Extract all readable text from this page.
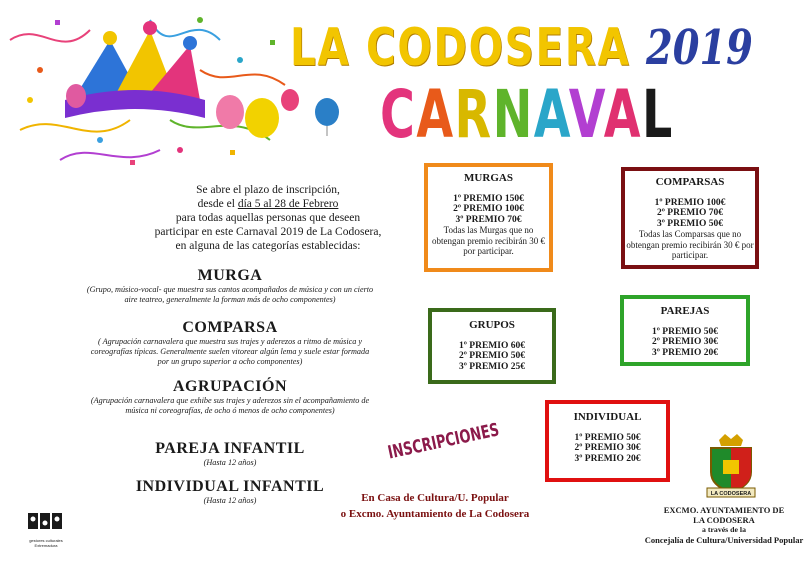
LA CODOSERA
CARNAVAL
2019
Se abre el plazo de inscripción,
desde el día 5 al 28 de Febrero
para todas aquellas personas que deseen
participar en este Carnaval 2019 de La Codosera,
en alguna de las categorías establecidas:
MURGA
(Grupo, músico-vocal- que muestra sus cantos acompañados de música y con un cierto aire teatreo, generalmente la forman más de ocho componentes)
COMPARSA
( Agrupación carnavalera que muestra sus trajes y aderezos a ritmo de música y coreografías típicas. Generalmente suelen vitorear algún lema y suele estar formada por un grupo superior a ocho componentes)
AGRUPACIÓN
(Agrupación carnavalera que exhibe sus trajes y aderezos sin el acompañamiento de música ni coreografías, de ocho ó menos de ocho componentes)
PAREJA INFANTIL
(Hasta 12 años)
INDIVIDUAL INFANTIL
(Hasta 12 años)
MURGAS
1º PREMIO 150€
2º PREMIO 100€
3º PREMIO 70€
Todas las Murgas que no obtengan premio recibirán 30 € por participar.
COMPARSAS
1º PREMIO 100€
2º PREMIO 70€
3º PREMIO 50€
Todas las Comparsas que no obtengan premio recibirán 30 € por participar.
PAREJAS
1º PREMIO 50€
2º PREMIO 30€
3º PREMIO 20€
GRUPOS
1º PREMIO 60€
2º PREMIO 50€
3º PREMIO 25€
INDIVIDUAL
1º PREMIO 50€
2º PREMIO 30€
3º PREMIO 20€
INSCRIPCIONES
En Casa de Cultura/U. Popular
o Excmo. Ayuntamiento de La Codosera
LA CODOSERA
EXCMO. AYUNTAMIENTO DE
LA CODOSERA
a través de la
Concejalía de Cultura/Universidad Popular
gestores culturales Extremadura
